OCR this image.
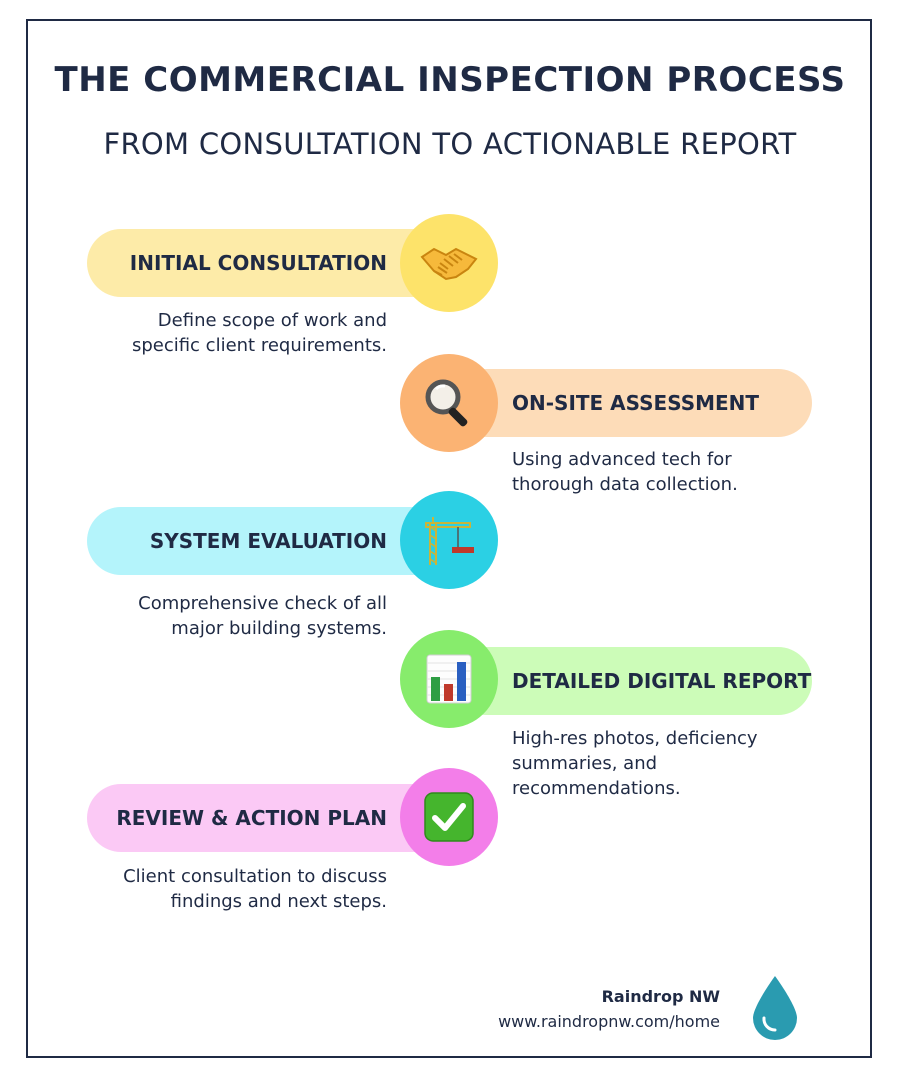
THE COMMERCIAL INSPECTION PROCESS
FROM CONSULTATION TO ACTIONABLE REPORT
INITIAL CONSULTATION

Define scope of work and
specific client requirements.

ON-SITE ASSESSMENT

Using advanced tech for
thorough data collection.

SYSTEM EVALUATION

Comprehensive check of all
major building systems.

DETAILED DIGITAL REPORT

High-res photos, deficiency
summaries, and
recommendations.

REVIEW & ACTION PLAN

Client consultation to discuss
findings and next steps.

Raindrop NW
www.raindropnw.com/home
